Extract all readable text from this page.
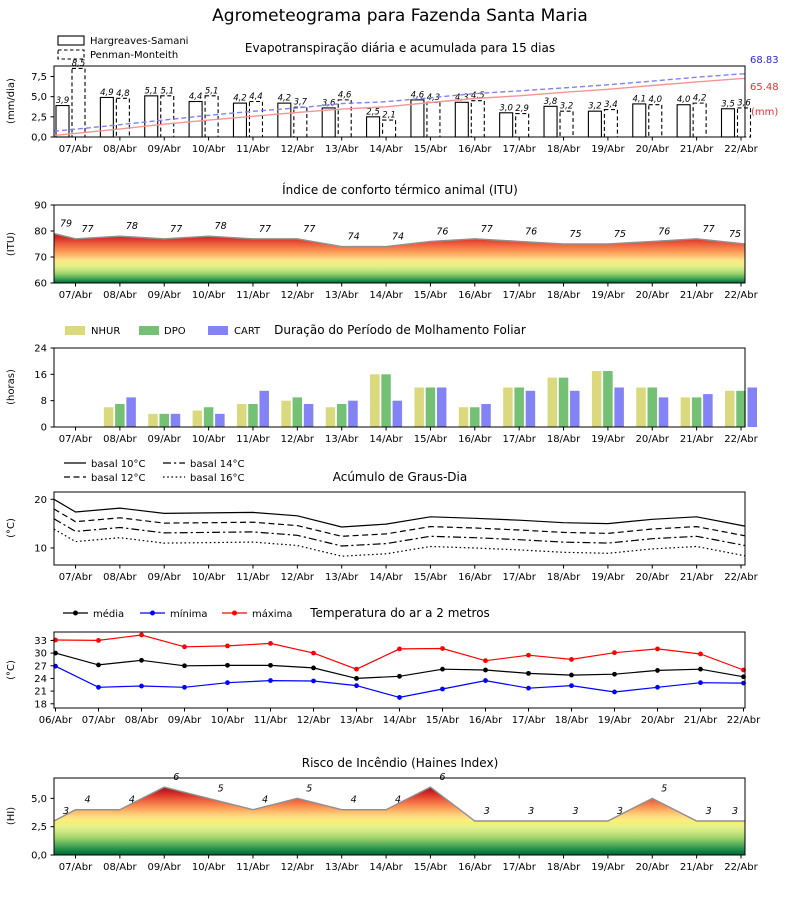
Agrometeograma para Fazenda Santa Maria
Evapotranspiração diária e acumulada para 15 dias
(mm/dia)
Hargreaves-Samani
Penman-Monteith	68.83
65.48
(mm)
07/Abr 08/Abr 09/Abr 10/Abr 11/Abr 12/Abr 13/Abr 14/Abr 15/Abr 16/Abr 17/Abr 18/Abr 19/Abr 20/Abr 21/Abr 22/Abr
0,0
2,5
5,0
7,5
3,9
4,9	5,1
4,4	4,2	4,2	3,6
2,5
4,6	4,3
3,0
3,8	3,2
4,1	4,0	3,5
8,5
4,8	5,1	5,1
4,4
3,7
4,6
2,1
4,3	4,5
2,9	3,2	3,4	4,0	4,2	3,6
Índice de conforto térmico animal (ITU)
(ITU)
07/Abr 08/Abr 09/Abr 10/Abr 11/Abr 12/Abr 13/Abr 14/Abr 15/Abr 16/Abr 17/Abr 18/Abr 19/Abr 20/Abr 21/Abr 22/Abr
60
70
80
90
79 77	78	77	78	77	77
74	74	76	77	76	75	75	76	77 75
NHUR	DPO	CART Duração do Período de Molhamento Foliar
(horas)
07/Abr 08/Abr 09/Abr 10/Abr 11/Abr 12/Abr 13/Abr 14/Abr 15/Abr 16/Abr 17/Abr 18/Abr 19/Abr 20/Abr 21/Abr 22/Abr
0
8
16
24
basal 10°C	basal 14°C
basal 12°C	basal 16°C	Acúmulo de Graus-Dia
(°C)
07/Abr 08/Abr 09/Abr 10/Abr 11/Abr 12/Abr 13/Abr 14/Abr 15/Abr 16/Abr 17/Abr 18/Abr 19/Abr 20/Abr 21/Abr 22/Abr
10
20
média	mínima	máxima Temperatura do ar a 2 metros
(°C)
06/Abr 07/Abr 08/Abr 09/Abr 10/Abr 11/Abr 12/Abr 13/Abr 14/Abr 15/Abr 16/Abr 17/Abr 18/Abr 19/Abr 20/Abr 21/Abr 22/Abr
18
21
24
27
30
33
Risco de Incêndio (Haines Index)
(HI)
07/Abr 08/Abr 09/Abr 10/Abr 11/Abr 12/Abr 13/Abr 14/Abr 15/Abr 16/Abr 17/Abr 18/Abr 19/Abr 20/Abr 21/Abr 22/Abr
0,0
2,5
5,0
3
4	4
6
5
4
5
4	4
6
3	3	3	3
5
3 3
